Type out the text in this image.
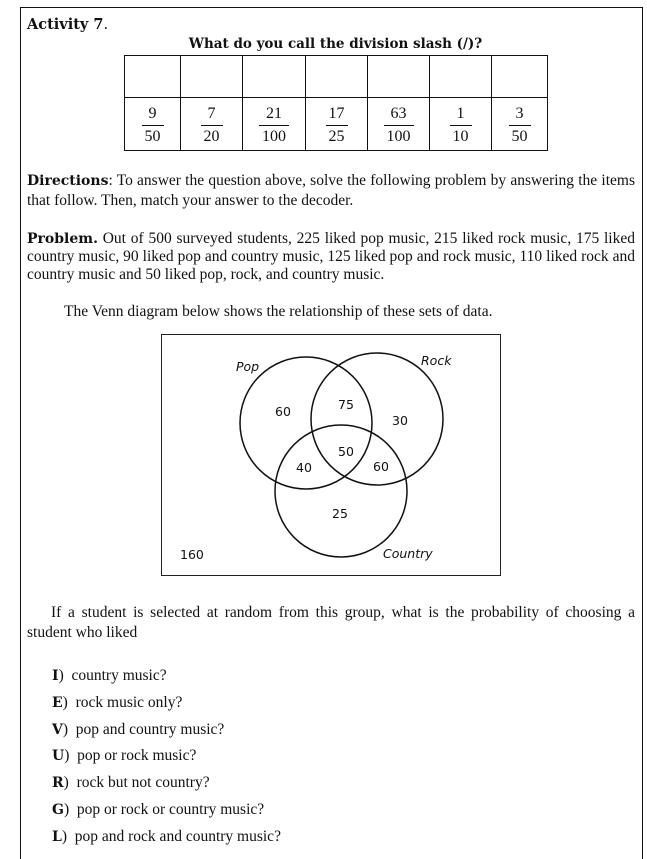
Activity 7.
What do you call the division slash (/)?

$\frac{9}{50}$	$\frac{7}{20}$	$\frac{21}{100}$	$\frac{17}{25}$	$\frac{63}{100}$	$\frac{1}{10}$	$\frac{3}{50}$
Directions: To answer the question above, solve the following problem by answering the items that follow. Then, match your answer to the decoder.
Problem. Out of 500 surveyed students, 225 liked pop music, 215 liked rock music, 175 liked country music, 90 liked pop and country music, 125 liked pop and rock music, 110 liked rock and country music and 50 liked pop, rock, and country music.
The Venn diagram below shows the relationship of these sets of data.
Pop	Rock
Country
60	75
30
50
40	60
25
160
If a student is selected at random from this group, what is the probability of choosing a student who liked
I)  country music?
E)  rock music only?
V)  pop and country music?
U)  pop or rock music?
R)  rock but not country?
G)  pop or rock or country music?
L)  pop and rock and country music?
